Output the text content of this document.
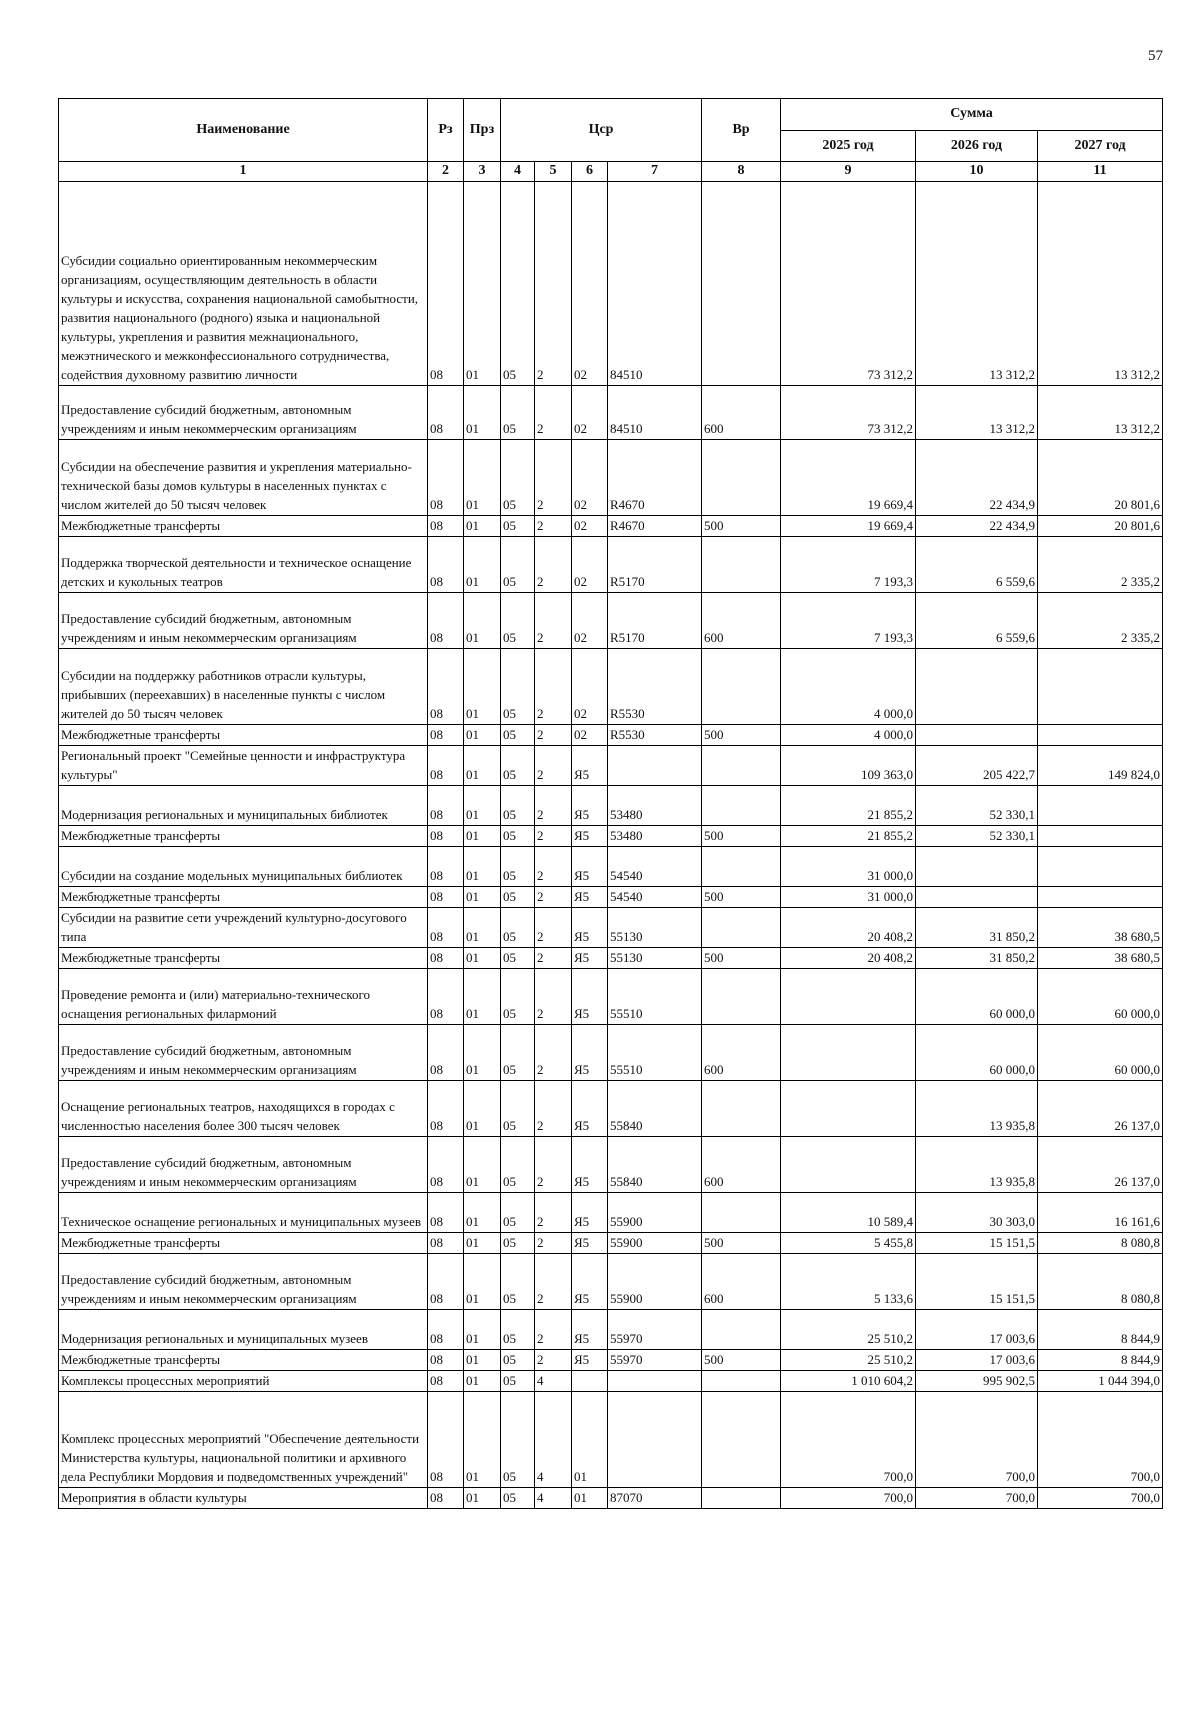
57
Наименование	Рз	Прз	Цср				Вр	Сумма		
								2025 год	2026 год	2027 год
1	2	3	4	5	6	7	8	9	10	11
Субсидии социально ориентированным некоммерческим организациям, осуществляющим деятельность в области культуры и искусства, сохранения национальной самобытности, развития национального (родного) языка и национальной культуры, укрепления и развития межнационального, межэтнического и межконфессионального сотрудничества, содействия духовному развитию личности	08	01	05	2	02	84510		73 312,2	13 312,2	13 312,2
Предоставление субсидий бюджетным, автономным учреждениям и иным некоммерческим организациям	08	01	05	2	02	84510	600	73 312,2	13 312,2	13 312,2
Субсидии на обеспечение развития и укрепления материально-технической базы домов культуры в населенных пунктах с числом жителей до 50 тысяч человек	08	01	05	2	02	R4670		19 669,4	22 434,9	20 801,6
Межбюджетные трансферты	08	01	05	2	02	R4670	500	19 669,4	22 434,9	20 801,6
Поддержка творческой деятельности и техническое оснащение детских и кукольных театров	08	01	05	2	02	R5170		7 193,3	6 559,6	2 335,2
Предоставление субсидий бюджетным, автономным учреждениям и иным некоммерческим организациям	08	01	05	2	02	R5170	600	7 193,3	6 559,6	2 335,2
Субсидии на поддержку работников отрасли культуры, прибывших (переехавших) в населенные пункты с числом жителей до 50 тысяч человек	08	01	05	2	02	R5530		4 000,0		
Межбюджетные трансферты	08	01	05	2	02	R5530	500	4 000,0		
Региональный проект "Семейные ценности и инфраструктура культуры"	08	01	05	2	Я5			109 363,0	205 422,7	149 824,0
Модернизация региональных и муниципальных библиотек	08	01	05	2	Я5	53480		21 855,2	52 330,1	
Межбюджетные трансферты	08	01	05	2	Я5	53480	500	21 855,2	52 330,1	
Субсидии на создание модельных муниципальных библиотек	08	01	05	2	Я5	54540		31 000,0		
Межбюджетные трансферты	08	01	05	2	Я5	54540	500	31 000,0		
Субсидии на развитие сети учреждений культурно-досугового типа	08	01	05	2	Я5	55130		20 408,2	31 850,2	38 680,5
Межбюджетные трансферты	08	01	05	2	Я5	55130	500	20 408,2	31 850,2	38 680,5
Проведение ремонта и (или) материально-технического оснащения региональных филармоний	08	01	05	2	Я5	55510			60 000,0	60 000,0
Предоставление субсидий бюджетным, автономным учреждениям и иным некоммерческим организациям	08	01	05	2	Я5	55510	600		60 000,0	60 000,0
Оснащение региональных театров, находящихся в городах с численностью населения более 300 тысяч человек	08	01	05	2	Я5	55840			13 935,8	26 137,0
Предоставление субсидий бюджетным, автономным учреждениям и иным некоммерческим организациям	08	01	05	2	Я5	55840	600		13 935,8	26 137,0
Техническое оснащение региональных и муниципальных музеев	08	01	05	2	Я5	55900		10 589,4	30 303,0	16 161,6
Межбюджетные трансферты	08	01	05	2	Я5	55900	500	5 455,8	15 151,5	8 080,8
Предоставление субсидий бюджетным, автономным учреждениям и иным некоммерческим организациям	08	01	05	2	Я5	55900	600	5 133,6	15 151,5	8 080,8
Модернизация региональных и муниципальных музеев	08	01	05	2	Я5	55970		25 510,2	17 003,6	8 844,9
Межбюджетные трансферты	08	01	05	2	Я5	55970	500	25 510,2	17 003,6	8 844,9
Комплексы процессных мероприятий	08	01	05	4				1 010 604,2	995 902,5	1 044 394,0
Комплекс процессных мероприятий "Обеспечение деятельности Министерства культуры, национальной политики и архивного дела Республики Мордовия и подведомственных учреждений"	08	01	05	4	01			700,0	700,0	700,0
Мероприятия в области культуры	08	01	05	4	01	87070		700,0	700,0	700,0
